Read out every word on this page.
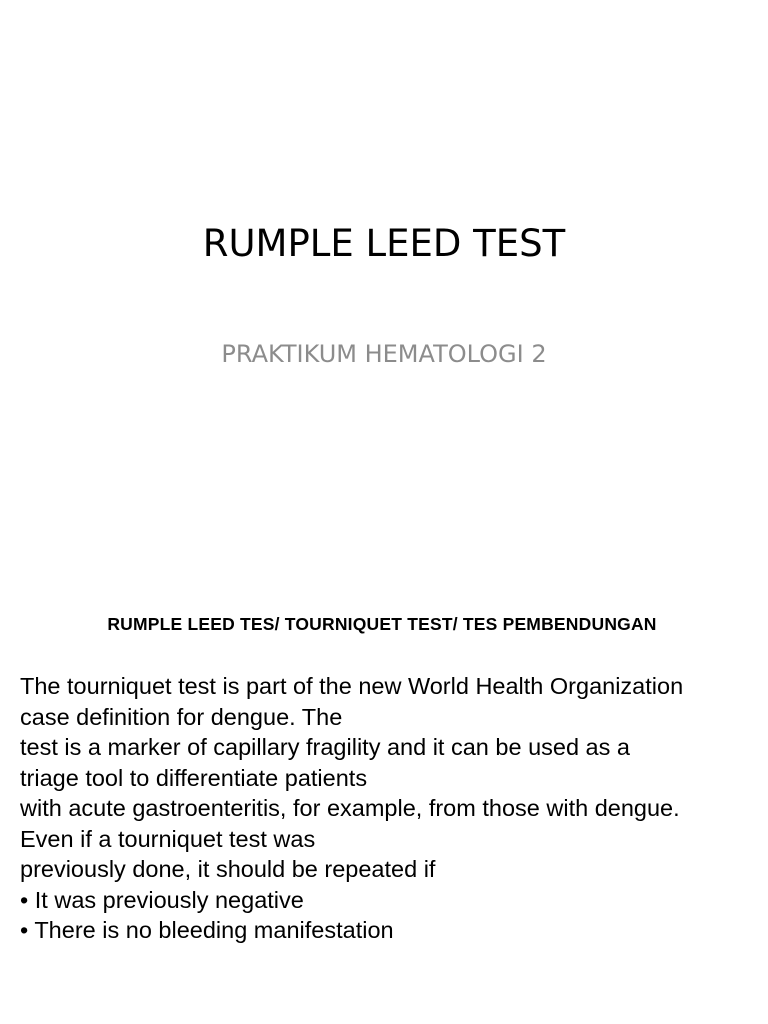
RUMPLE LEED TEST
PRAKTIKUM HEMATOLOGI 2
RUMPLE LEED TES/ TOURNIQUET TEST/ TES PEMBENDUNGAN
The tourniquet test is part of the new World Health Organization
case definition for dengue. The
test is a marker of capillary fragility and it can be used as a
triage tool to differentiate patients
with acute gastroenteritis, for example, from those with dengue.
Even if a tourniquet test was
previously done, it should be repeated if
• It was previously negative
• There is no bleeding manifestation
